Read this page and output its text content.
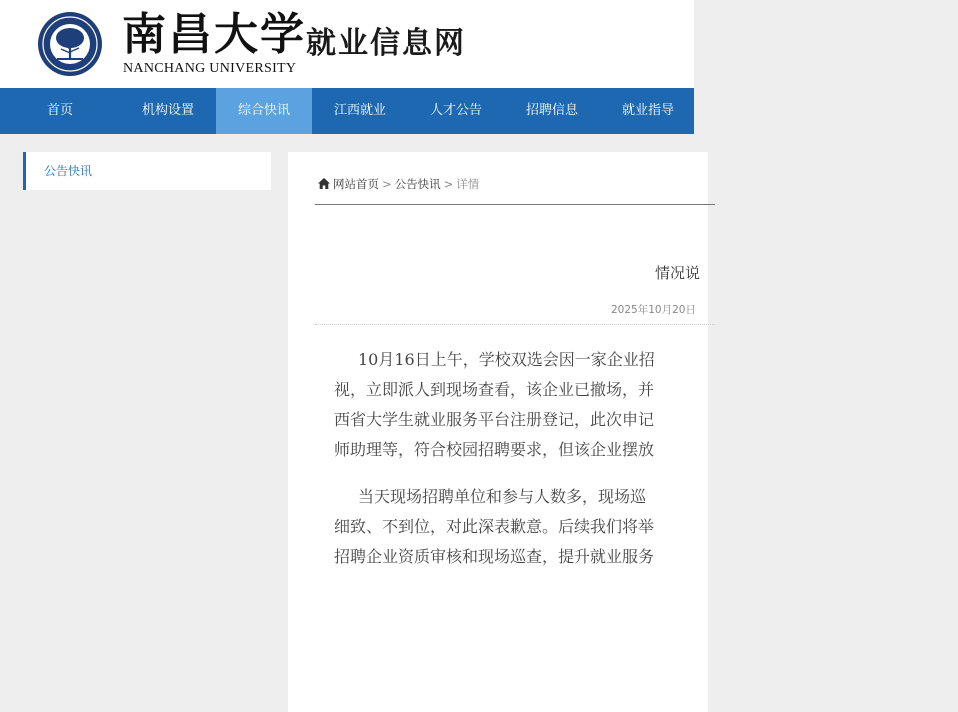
1921
南昌大学
NANCHANG UNIVERSITY
就业信息网
首页	机构设置	综合快讯	江西就业	人才公告	招聘信息	就业指导
公告快讯
网站首页 > 公告快讯 > 详情
情况说
2025年10月20日
10月16日上午，学校双选会因一家企业招
视，立即派人到现场查看，该企业已撤场，并
西省大学生就业服务平台注册登记，此次申记
师助理等，符合校园招聘要求，但该企业摆放
当天现场招聘单位和参与人数多，现场巡
细致、不到位，对此深表歉意。后续我们将举
招聘企业资质审核和现场巡查，提升就业服务
